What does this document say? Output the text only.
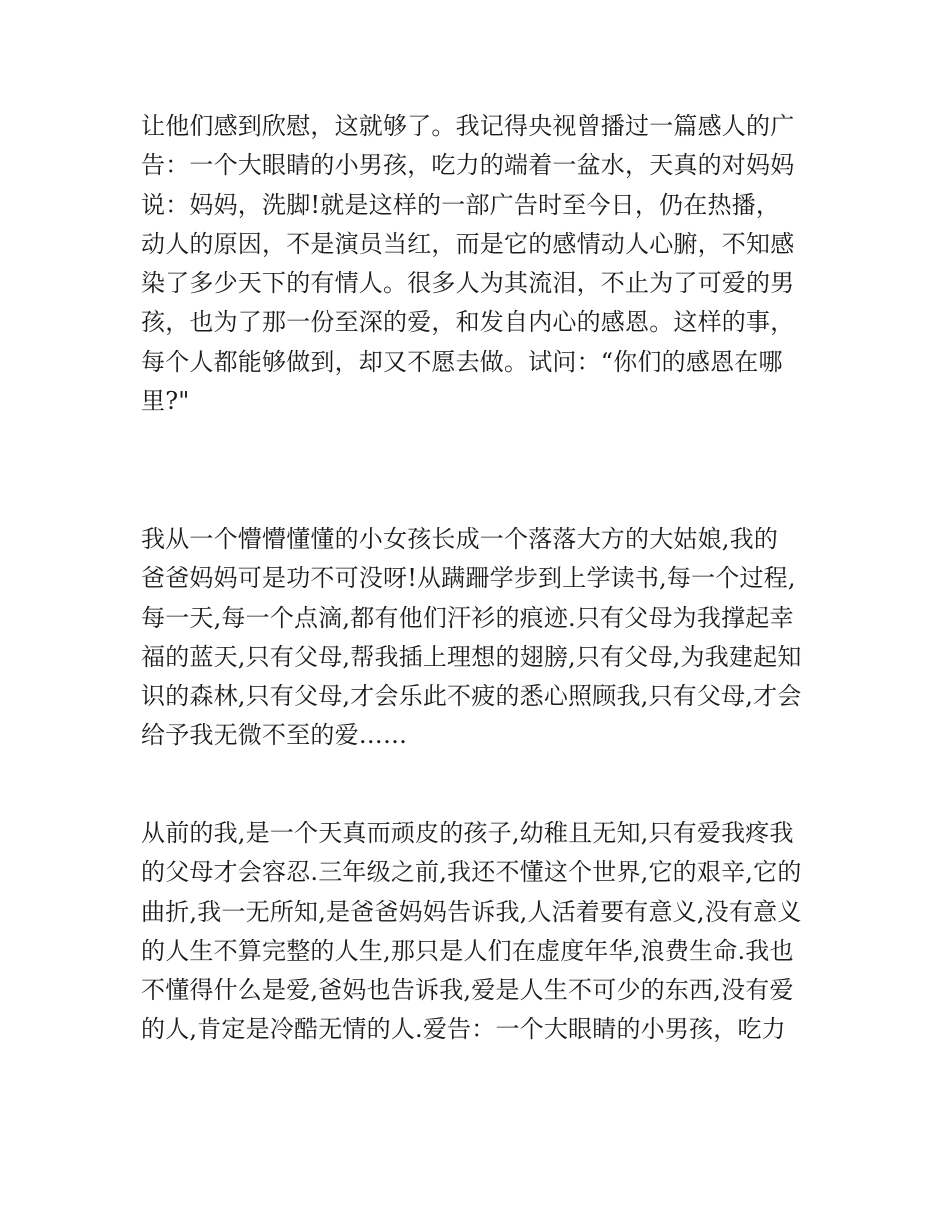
让他们感到欣慰，这就够了。我记得央视曾播过一篇感人的广
告：一个大眼睛的小男孩，吃力的端着一盆水，天真的对妈妈
说：妈妈，洗脚!就是这样的一部广告时至今日，仍在热播，
动人的原因，不是演员当红，而是它的感情动人心腑，不知感
染了多少天下的有情人。很多人为其流泪，不止为了可爱的男
孩，也为了那一份至深的爱，和发自内心的感恩。这样的事，
每个人都能够做到，却又不愿去做。试问：“你们的感恩在哪
里?"
我从一个懵懵懂懂的小女孩长成一个落落大方的大姑娘,我的
爸爸妈妈可是功不可没呀!从蹒跚学步到上学读书,每一个过程,
每一天,每一个点滴,都有他们汗衫的痕迹.只有父母为我撑起幸
福的蓝天,只有父母,帮我插上理想的翅膀,只有父母,为我建起知
识的森林,只有父母,才会乐此不疲的悉心照顾我,只有父母,才会
给予我无微不至的爱……
从前的我,是一个天真而顽皮的孩子,幼稚且无知,只有爱我疼我
的父母才会容忍.三年级之前,我还不懂这个世界,它的艰辛,它的
曲折,我一无所知,是爸爸妈妈告诉我,人活着要有意义,没有意义
的人生不算完整的人生,那只是人们在虚度年华,浪费生命.我也
不懂得什么是爱,爸妈也告诉我,爱是人生不可少的东西,没有爱
的人,肯定是冷酷无情的人.爱告：一个大眼睛的小男孩，吃力
